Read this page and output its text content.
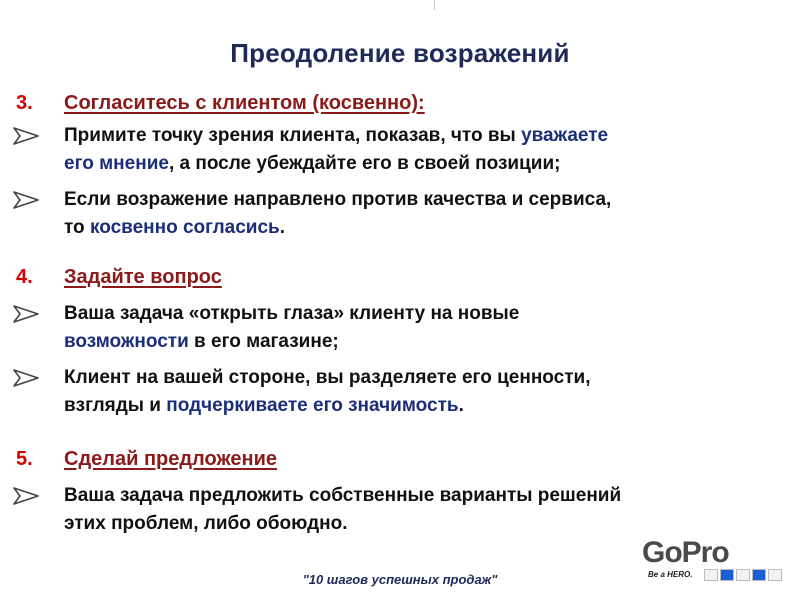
Преодоление возражений
3. Согласитесь с клиентом (косвенно):
Примите точку зрения клиента, показав, что вы уважаете
его мнение, а после убеждайте его в своей позиции;
Если возражение направлено против качества и сервиса,
то косвенно согласись.
4. Задайте вопрос
Ваша задача «открыть глаза» клиенту на новые
возможности в его магазине;
Клиент на вашей стороне, вы разделяете его ценности,
взгляды и подчеркиваете его значимость.
5. Сделай предложение
Ваша задача предложить собственные варианты решений
этих проблем, либо обоюдно.
"10 шагов успешных продаж"
GoPro
Be a HERO.
